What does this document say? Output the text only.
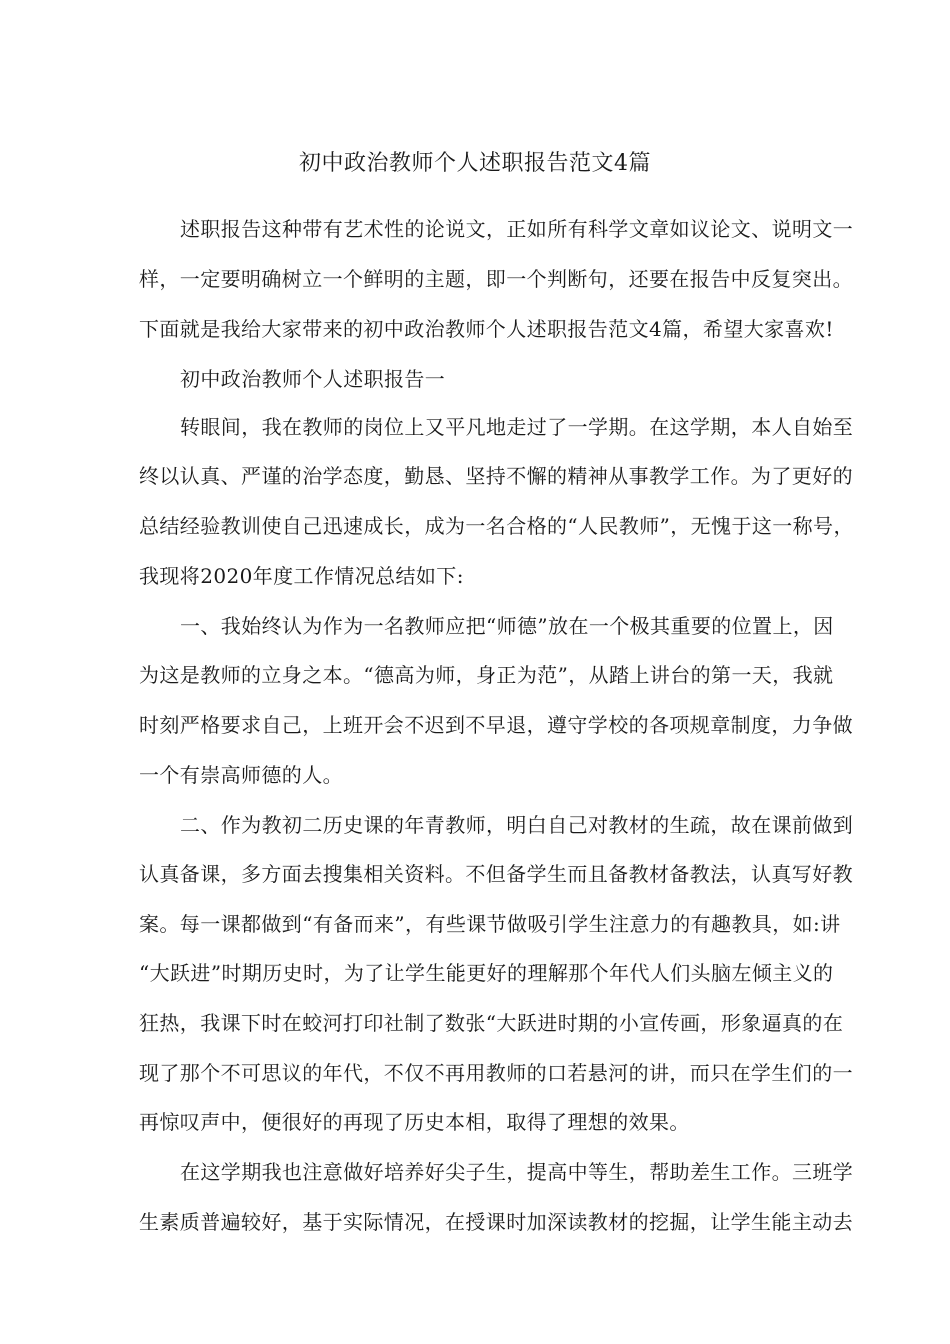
初中政治教师个人述职报告范文4篇
述职报告这种带有艺术性的论说文，正如所有科学文章如议论文、说明文一
样，一定要明确树立一个鲜明的主题，即一个判断句，还要在报告中反复突出。
下面就是我给大家带来的初中政治教师个人述职报告范文4篇，希望大家喜欢!
初中政治教师个人述职报告一
转眼间，我在教师的岗位上又平凡地走过了一学期。在这学期，本人自始至
终以认真、严谨的治学态度，勤恳、坚持不懈的精神从事教学工作。为了更好的
总结经验教训使自己迅速成长，成为一名合格的“人民教师”，无愧于这一称号，
我现将2020年度工作情况总结如下:
一、我始终认为作为一名教师应把“师德”放在一个极其重要的位置上，因
为这是教师的立身之本。“德高为师，身正为范”，从踏上讲台的第一天，我就
时刻严格要求自己，上班开会不迟到不早退，遵守学校的各项规章制度，力争做
一个有崇高师德的人。
二、作为教初二历史课的年青教师，明白自己对教材的生疏，故在课前做到
认真备课，多方面去搜集相关资料。不但备学生而且备教材备教法，认真写好教
案。每一课都做到“有备而来”，有些课节做吸引学生注意力的有趣教具，如:讲
“大跃进”时期历史时，为了让学生能更好的理解那个年代人们头脑左倾主义的
狂热，我课下时在蛟河打印社制了数张“大跃进时期的小宣传画，形象逼真的在
现了那个不可思议的年代，不仅不再用教师的口若悬河的讲，而只在学生们的一
再惊叹声中，便很好的再现了历史本相，取得了理想的效果。
在这学期我也注意做好培养好尖子生，提高中等生，帮助差生工作。三班学
生素质普遍较好，基于实际情况，在授课时加深读教材的挖掘，让学生能主动去
